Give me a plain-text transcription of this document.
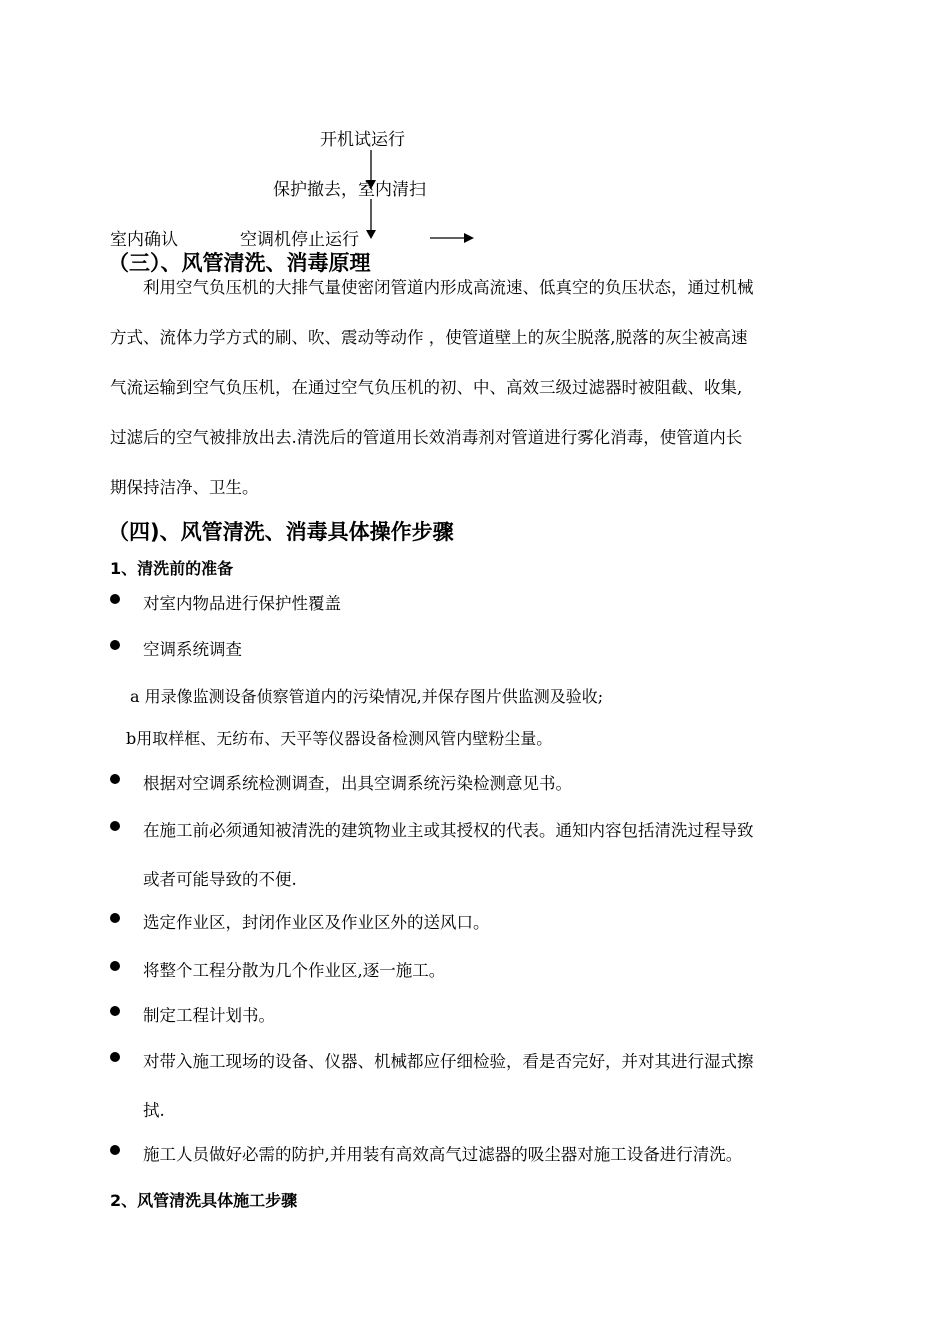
开机试运行
保护撤去，室内清扫
室内确认	空调机停止运行
（三）、风管清洗、消毒原理
利用空气负压机的大排气量使密闭管道内形成高流速、低真空的负压状态，通过机械
方式、流体力学方式的刷、吹、震动等动作 ，使管道壁上的灰尘脱落,脱落的灰尘被高速
气流运输到空气负压机，在通过空气负压机的初、中、高效三级过滤器时被阻截、收集,
过滤后的空气被排放出去.清洗后的管道用长效消毒剂对管道进行雾化消毒，使管道内长
期保持洁净、卫生。
（四)、风管清洗、消毒具体操作步骤
1、清洗前的准备
对室内物品进行保护性覆盖
空调系统调查
a 用录像监测设备侦察管道内的污染情况,并保存图片供监测及验收;
b用取样框、无纺布、天平等仪器设备检测风管内壁粉尘量。
根据对空调系统检测调查，出具空调系统污染检测意见书。
在施工前必须通知被清洗的建筑物业主或其授权的代表。通知内容包括清洗过程导致
或者可能导致的不便.
选定作业区，封闭作业区及作业区外的送风口。
将整个工程分散为几个作业区,逐一施工。
制定工程计划书。
对带入施工现场的设备、仪器、机械都应仔细检验，看是否完好，并对其进行湿式擦
拭.
施工人员做好必需的防护,并用装有高效高气过滤器的吸尘器对施工设备进行清洗。
2、风管清洗具体施工步骤
